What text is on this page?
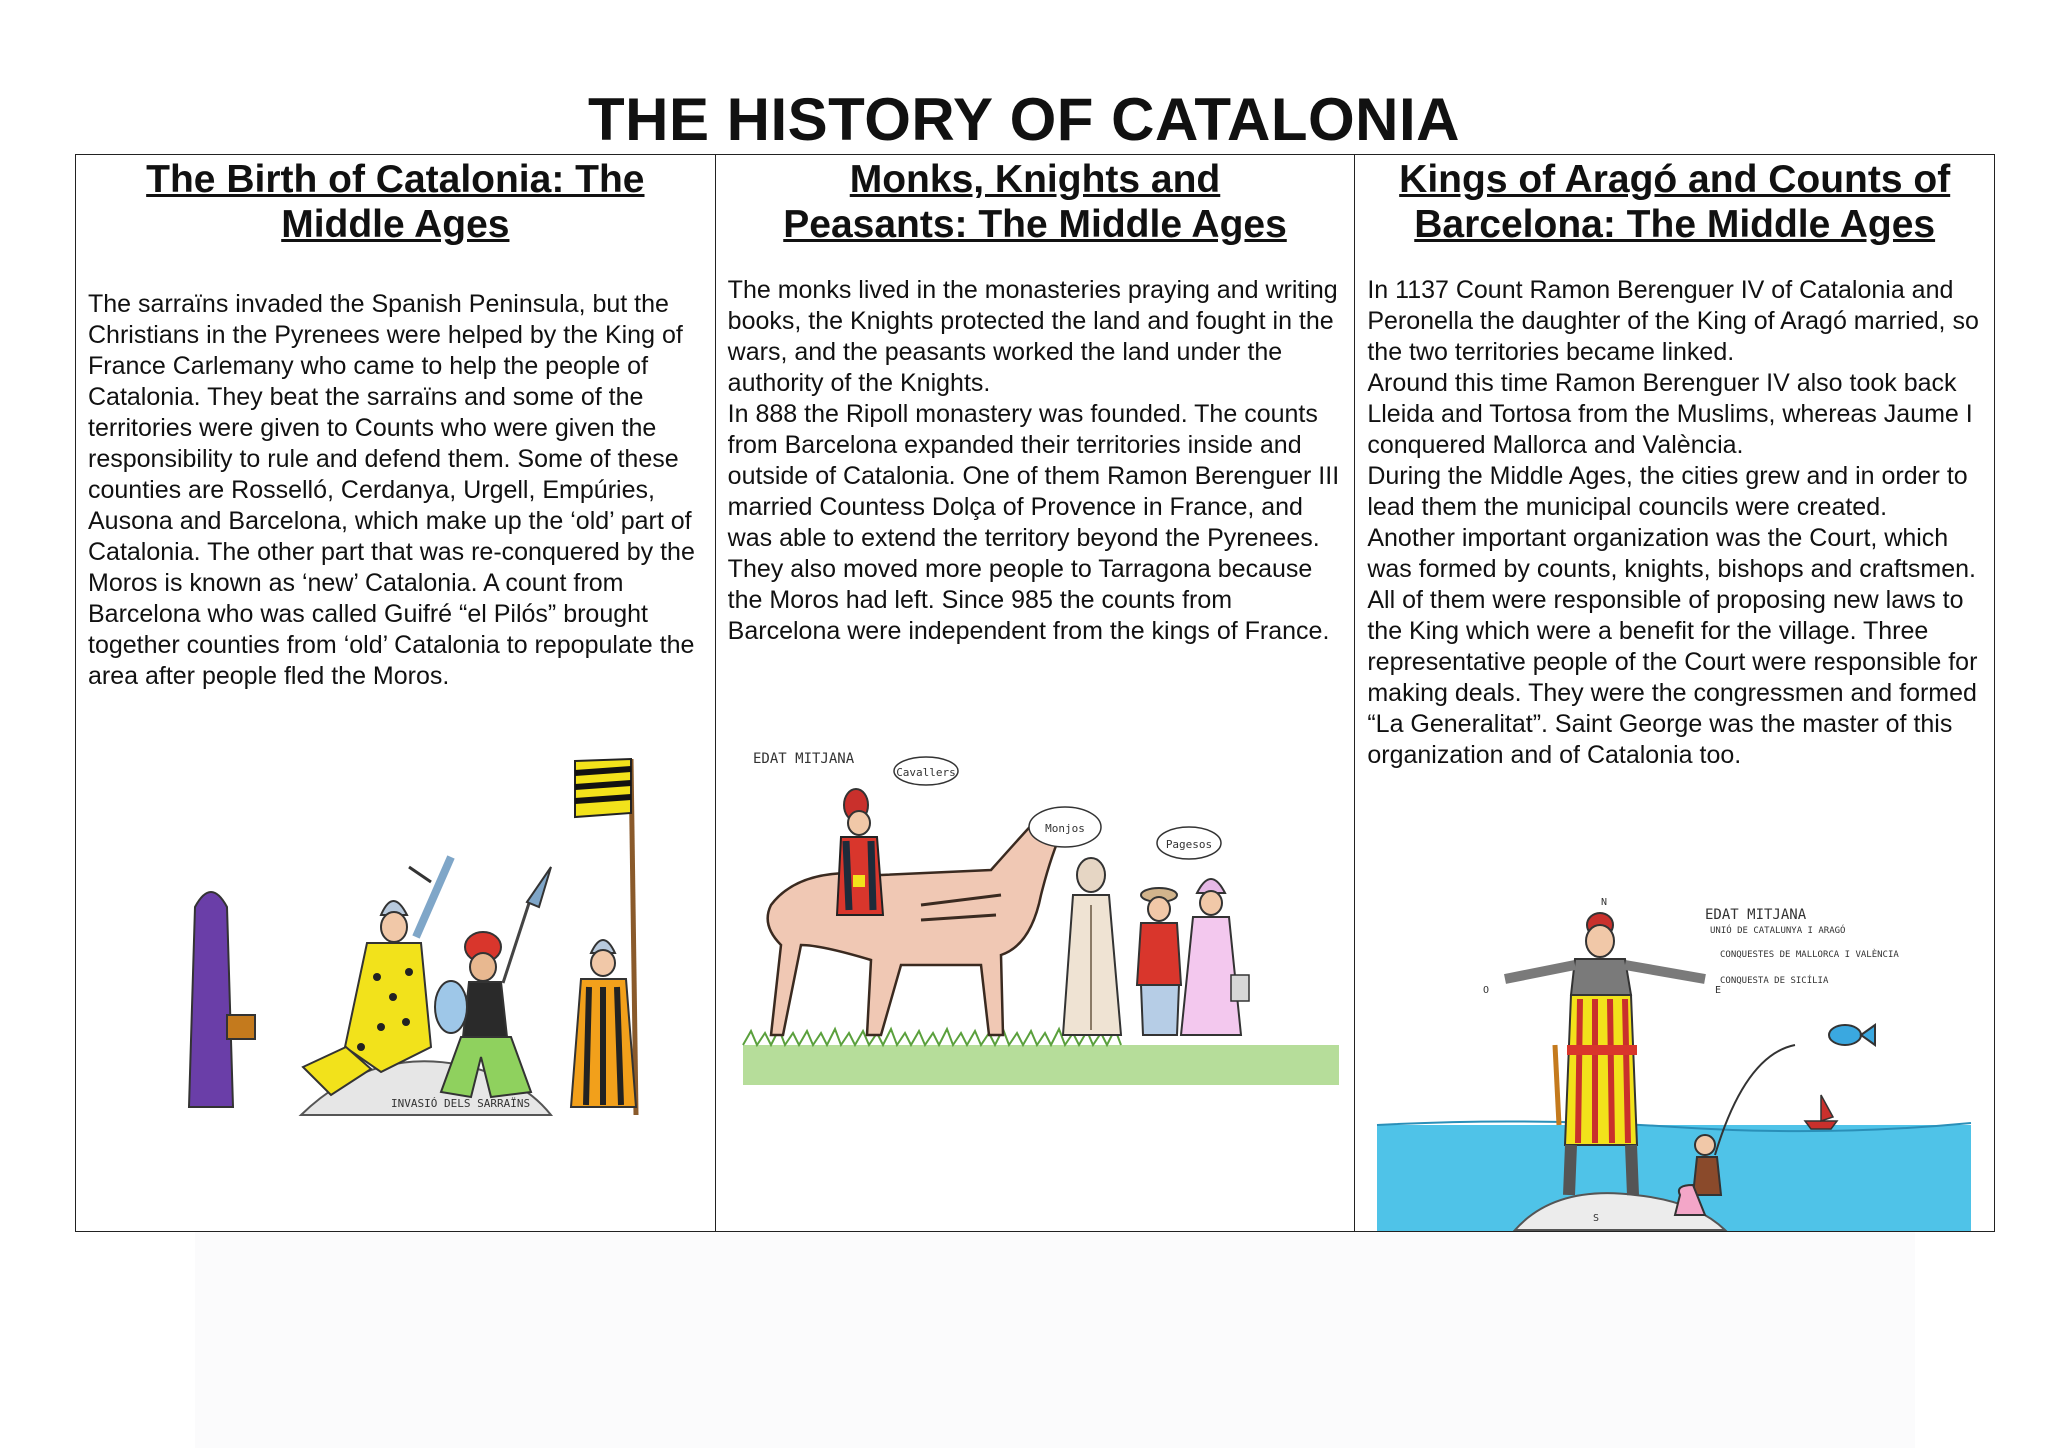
THE HISTORY OF CATALONIA
The Birth of Catalonia: The Middle Ages

The sarraïns invaded the Spanish Peninsula, but the Christians in the Pyrenees were helped by the King of France Carlemany who came to help the people of Catalonia. They beat the sarraïns and some of the territories were given to Counts who were given the responsibility to rule and defend them. Some of these counties are Rosselló, Cerdanya, Urgell, Empúries, Ausona and Barcelona, which make up the ‘old’ part of Catalonia. The other part that was re-conquered by the Moros is known as ‘new’ Catalonia. A count from Barcelona who was called Guifré “el Pilós” brought together counties from ‘old’ Catalonia to repopulate the area after people fled the Moros.

INVASIÓ DELS SARRAÏNS
Monks, Knights and Peasants: The Middle Ages

The monks lived in the monasteries praying and writing books, the Knights protected the land and fought in the wars, and the peasants worked the land under the authority of the Knights.

In 888 the Ripoll monastery was founded. The counts from Barcelona expanded their territories inside and outside of Catalonia. One of them Ramon Berenguer III married Countess Dolça of Provence in France, and was able to extend the territory beyond the Pyrenees. They also moved more people to Tarragona because the Moros had left. Since 985 the counts from Barcelona were independent from the kings of France.

EDAT MITJANA
Cavallers
Monjos
Pagesos
Kings of Aragó and Counts of Barcelona: The Middle Ages

In 1137 Count Ramon Berenguer IV of Catalonia and Peronella the daughter of the King of Aragó married, so the two territories became linked.

Around this time Ramon Berenguer IV also took back Lleida and Tortosa from the Muslims, whereas Jaume I conquered Mallorca and València.

During the Middle Ages, the cities grew and in order to lead them the municipal councils were created.

Another important organization was the Court, which was formed by counts, knights, bishops and craftsmen. All of them were responsible of proposing new laws to the King which were a benefit for the village. Three representative people of the Court were responsible for making deals. They were the congressmen and formed “La Generalitat”. Saint George was the master of this organization and of Catalonia too.

N
O	E
S
EDAT MITJANA
UNIÓ DE CATALUNYA I ARAGÓ
CONQUESTES DE MALLORCA I VALÈNCIA
CONQUESTA DE SICÍLIA
